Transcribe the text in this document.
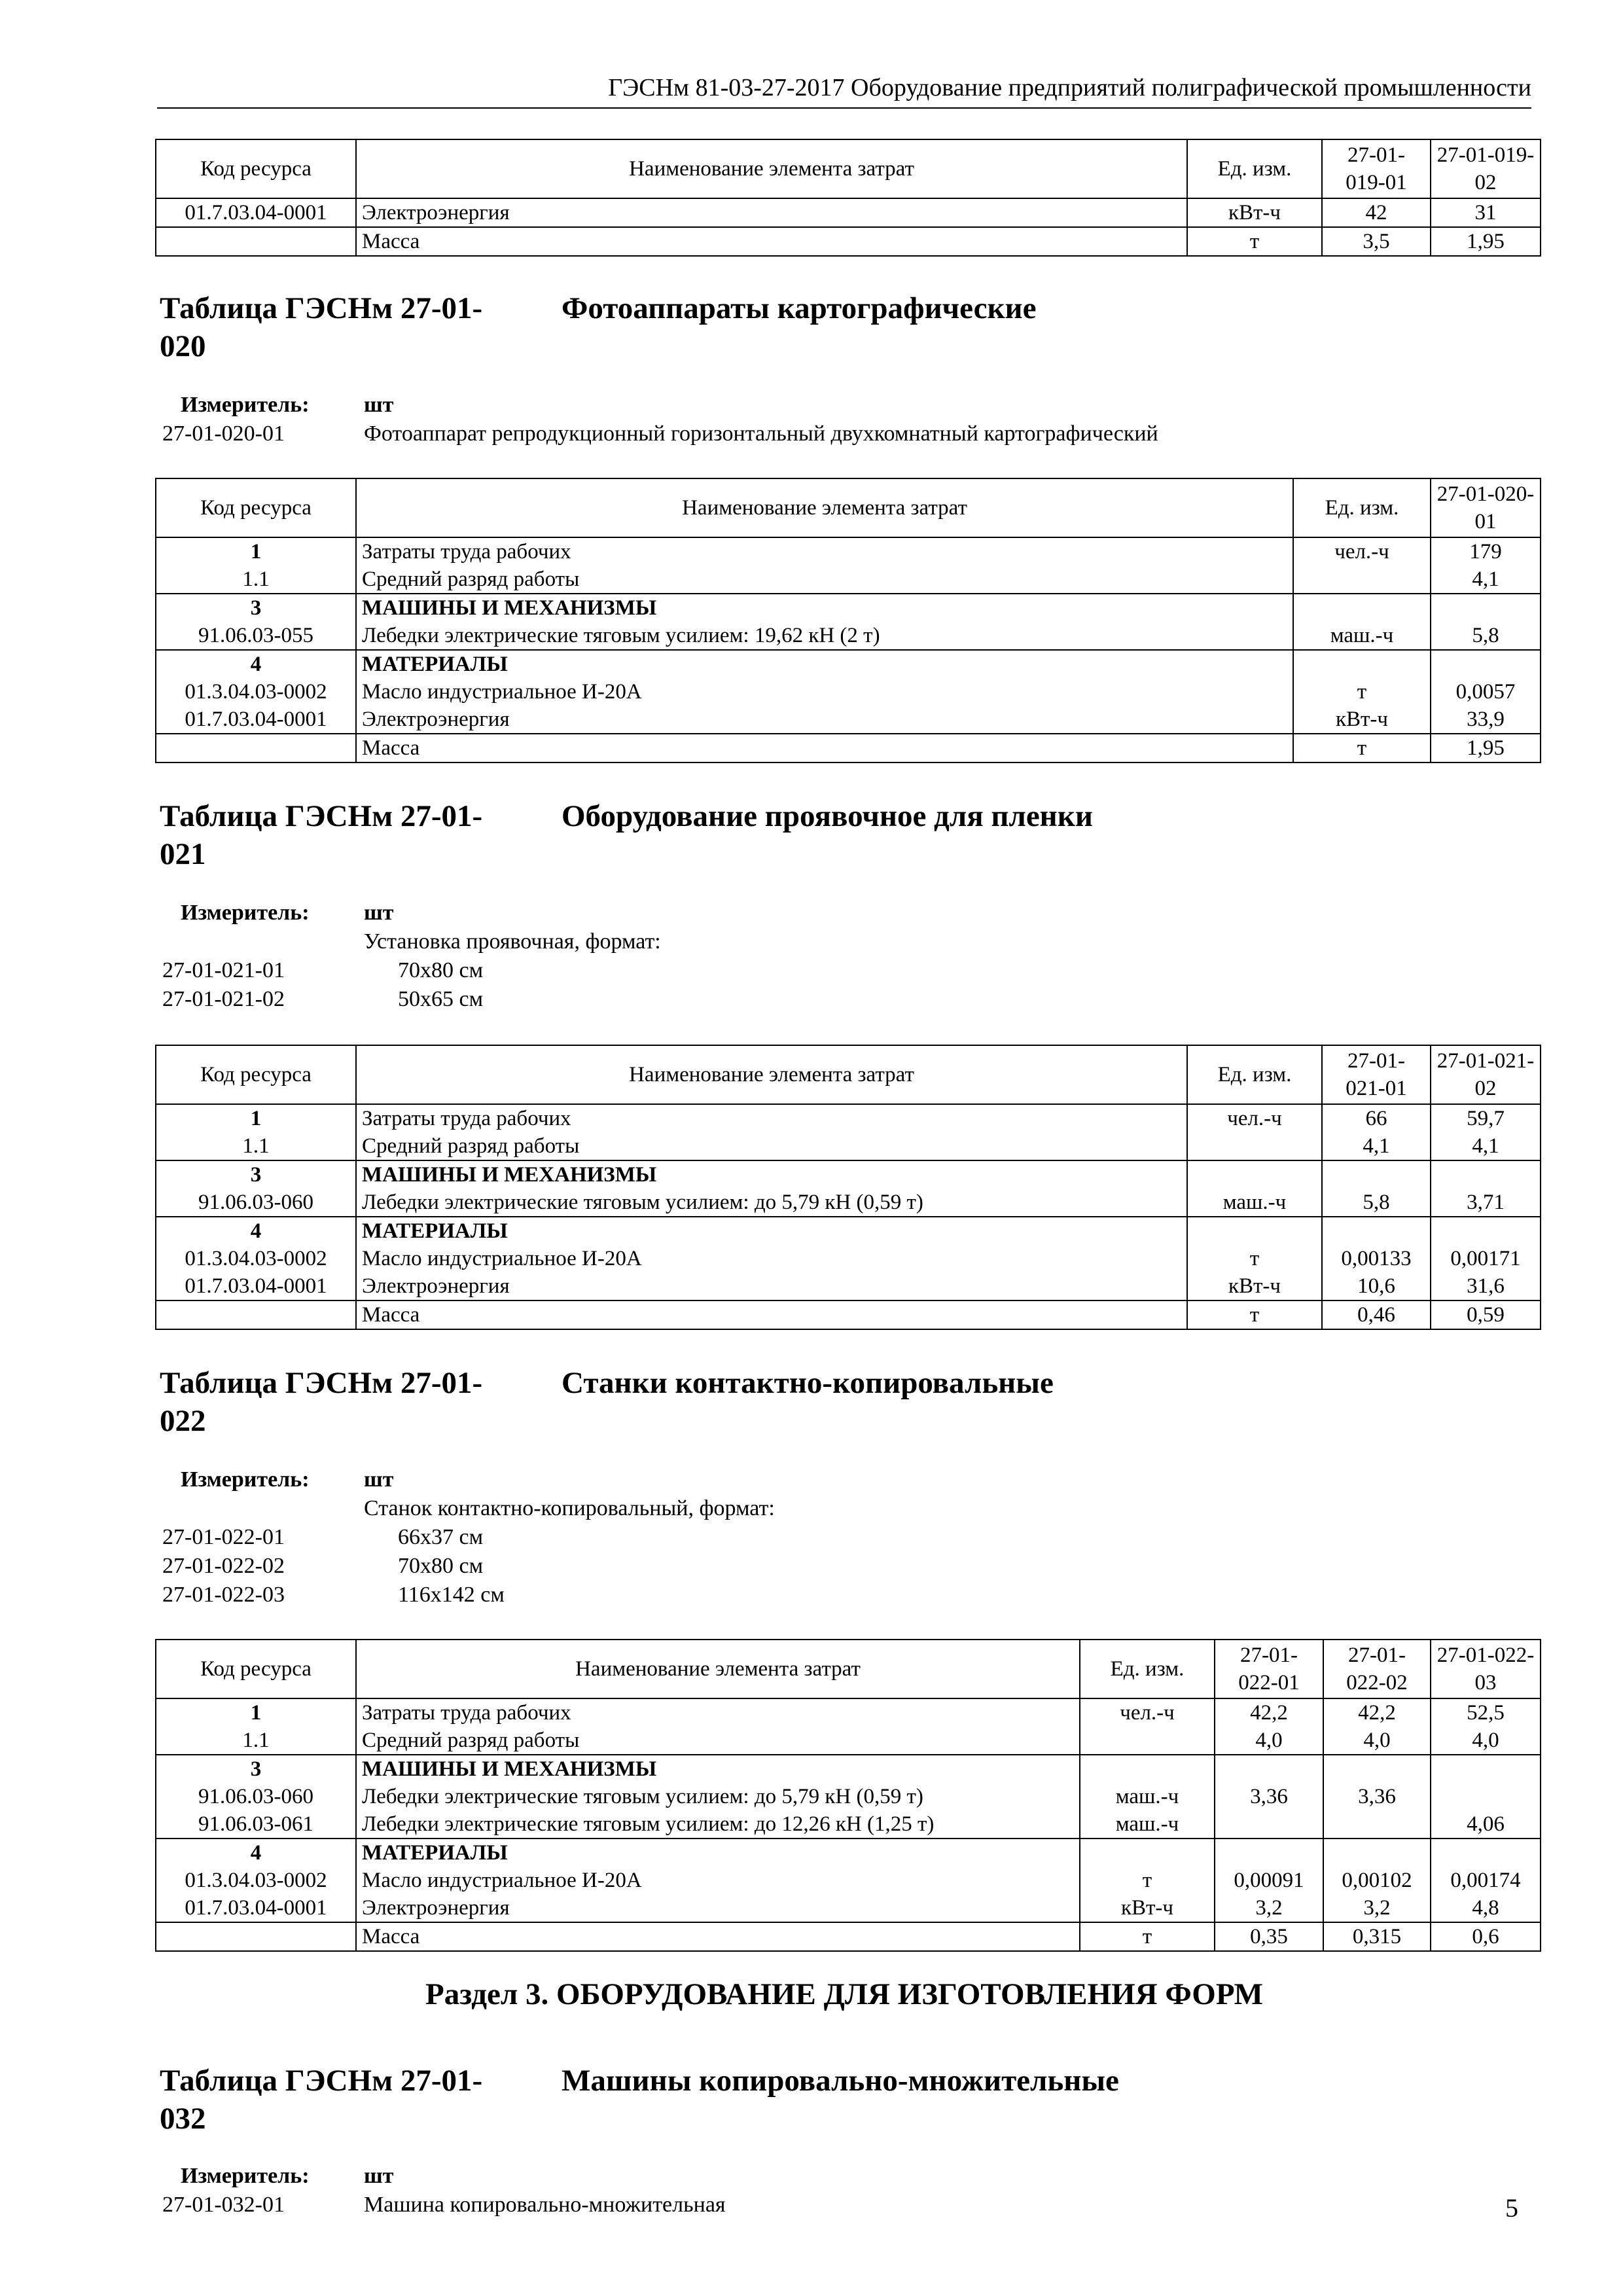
ГЭСНм 81-03-27-2017 Оборудование предприятий полиграфической промышленности
Код ресурса	Наименование элемента затрат	Ед. изм.	27-01-019-01	27-01-019-02
01.7.03.04-0001	Электроэнергия	кВт-ч	42	31
	Масса	т	3,5	1,95
Таблица ГЭСНм 27-01-020
Фотоаппараты картографические
Измеритель: шт
27-01-020-01	Фотоаппарат репродукционный горизонтальный двухкомнатный картографический
Код ресурса	Наименование элемента затрат	Ед. изм.	27-01-020-01
1	Затраты труда рабочих	чел.-ч	179
1.1	Средний разряд работы		4,1
3	МАШИНЫ И МЕХАНИЗМЫ		
91.06.03-055	Лебедки электрические тяговым усилием: 19,62 кН (2 т)	маш.-ч	5,8
4	МАТЕРИАЛЫ		
01.3.04.03-0002	Масло индустриальное И-20А	т	0,0057
01.7.03.04-0001	Электроэнергия	кВт-ч	33,9
	Масса	т	1,95
Таблица ГЭСНм 27-01-021
Оборудование проявочное для пленки
Измеритель: шт
Установка проявочная, формат:
27-01-021-01	70х80 см
27-01-021-02	50х65 см
Код ресурса	Наименование элемента затрат	Ед. изм.	27-01-021-01	27-01-021-02
1	Затраты труда рабочих	чел.-ч	66	59,7
1.1	Средний разряд работы		4,1	4,1
3	МАШИНЫ И МЕХАНИЗМЫ			
91.06.03-060	Лебедки электрические тяговым усилием: до 5,79 кН (0,59 т)	маш.-ч	5,8	3,71
4	МАТЕРИАЛЫ			
01.3.04.03-0002	Масло индустриальное И-20А	т	0,00133	0,00171
01.7.03.04-0001	Электроэнергия	кВт-ч	10,6	31,6
	Масса	т	0,46	0,59
Таблица ГЭСНм 27-01-022
Станки контактно-копировальные
Измеритель: шт
Станок контактно-копировальный, формат:
27-01-022-01	66х37 см
27-01-022-02	70х80 см
27-01-022-03	116х142 см
Код ресурса	Наименование элемента затрат	Ед. изм.	27-01-022-01	27-01-022-02	27-01-022-03
1	Затраты труда рабочих	чел.-ч	42,2	42,2	52,5
1.1	Средний разряд работы		4,0	4,0	4,0
3	МАШИНЫ И МЕХАНИЗМЫ				
91.06.03-060	Лебедки электрические тяговым усилием: до 5,79 кН (0,59 т)	маш.-ч	3,36	3,36	
91.06.03-061	Лебедки электрические тяговым усилием: до 12,26 кН (1,25 т)	маш.-ч			4,06
4	МАТЕРИАЛЫ				
01.3.04.03-0002	Масло индустриальное И-20А	т	0,00091	0,00102	0,00174
01.7.03.04-0001	Электроэнергия	кВт-ч	3,2	3,2	4,8
	Масса	т	0,35	0,315	0,6
Раздел 3. ОБОРУДОВАНИЕ ДЛЯ ИЗГОТОВЛЕНИЯ ФОРМ
Таблица ГЭСНм 27-01-032
Машины копировально-множительные
Измеритель: шт
27-01-032-01	Машина копировально-множительная	5
